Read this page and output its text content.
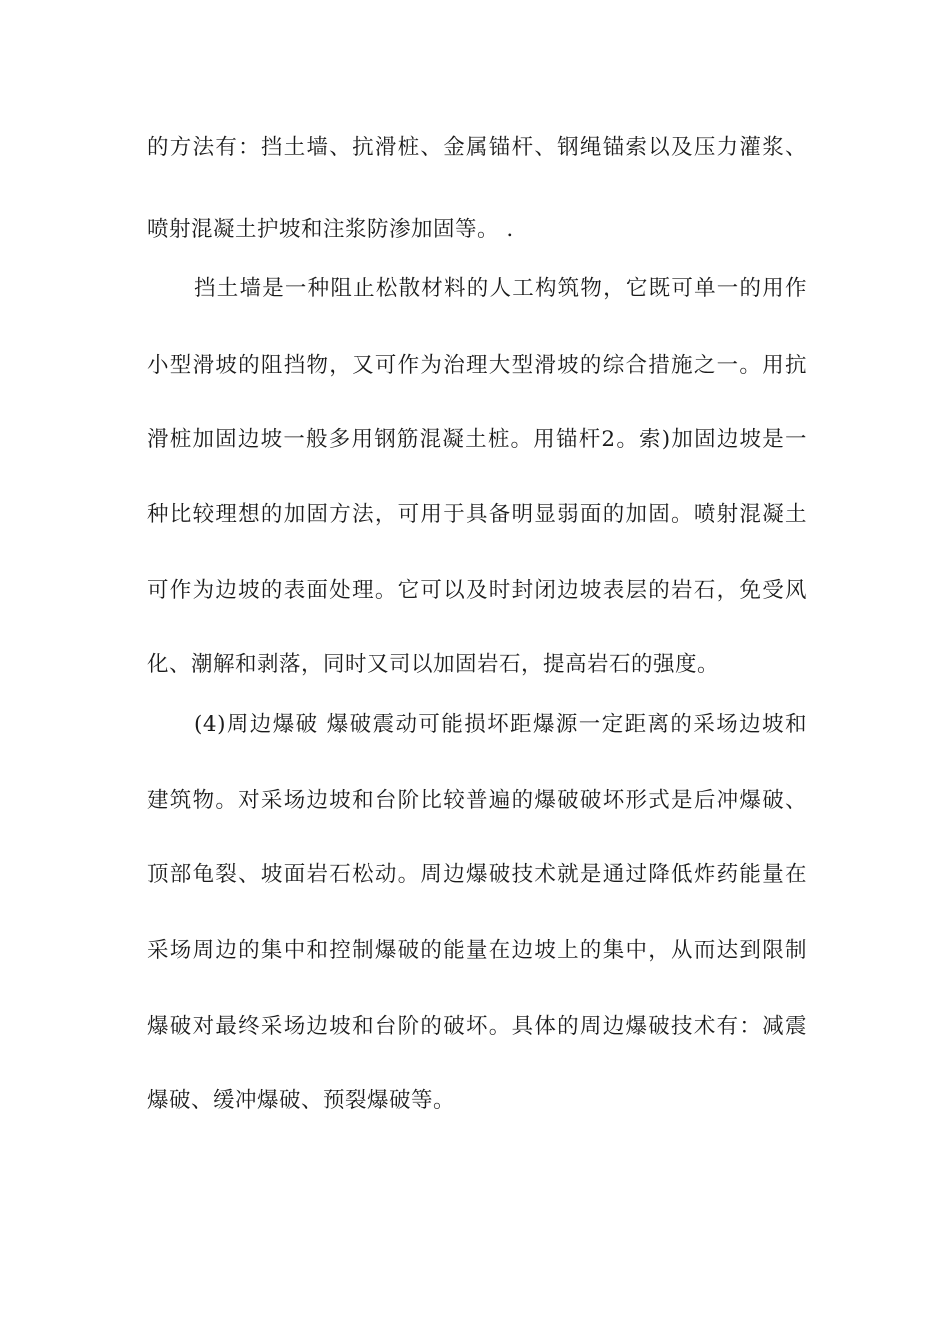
的方法有：挡土墙、抗滑桩、金属锚杆、钢绳锚索以及压力灌浆、
喷射混凝土护坡和注浆防渗加固等。 .
挡土墙是一种阻止松散材料的人工构筑物，它既可单一的用作
小型滑坡的阻挡物，又可作为治理大型滑坡的综合措施之一。用抗
滑桩加固边坡一般多用钢筋混凝土桩。用锚杆2。索)加固边坡是一
种比较理想的加固方法，可用于具备明显弱面的加固。喷射混凝土
可作为边坡的表面处理。它可以及时封闭边坡表层的岩石，免受风
化、潮解和剥落，同时又司以加固岩石，提高岩石的强度。
(4)周边爆破 爆破震动可能损坏距爆源一定距离的采场边坡和
建筑物。对采场边坡和台阶比较普遍的爆破破坏形式是后冲爆破、
顶部龟裂、坡面岩石松动。周边爆破技术就是通过降低炸药能量在
采场周边的集中和控制爆破的能量在边坡上的集中，从而达到限制
爆破对最终采场边坡和台阶的破坏。具体的周边爆破技术有：减震
爆破、缓冲爆破、预裂爆破等。
